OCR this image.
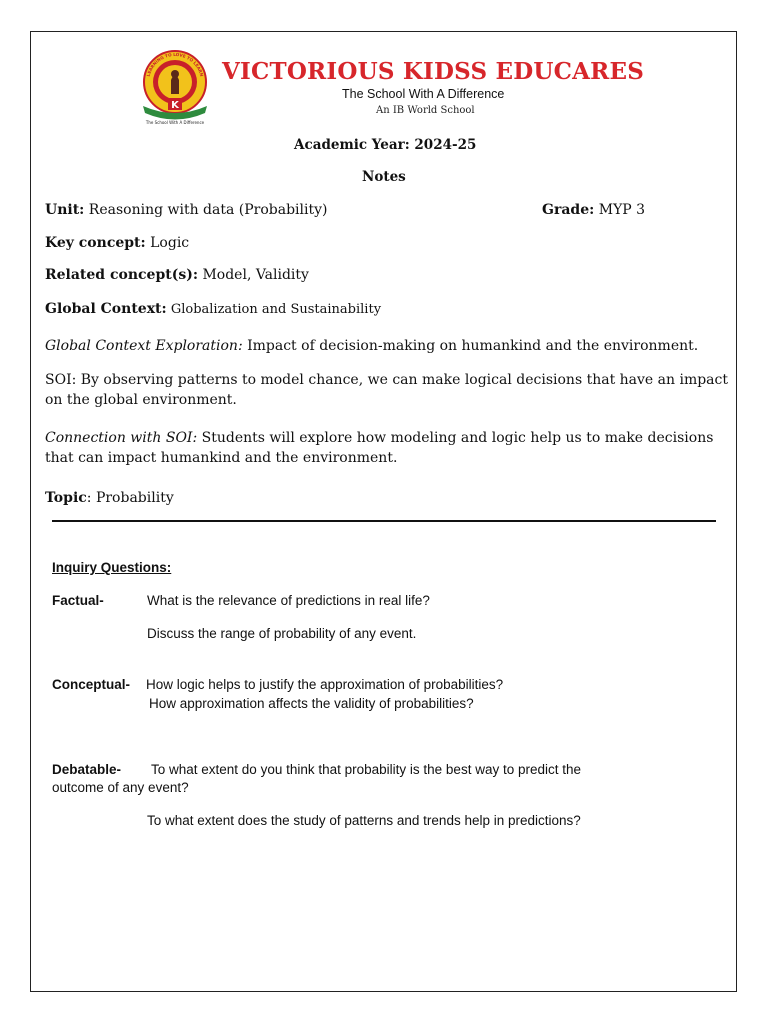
K
LEARNING TO LOVE TO LEARN
The School With A Difference
VICTORIOUS KIDSS EDUCARES
The School With A Difference
An IB World School
Academic Year: 2024-25
Notes
Unit: Reasoning with data (Probability)	Grade: MYP 3
Key concept: Logic
Related concept(s): Model, Validity
Global Context: Globalization and Sustainability
Global Context Exploration: Impact of decision-making on humankind and the environment.
SOI: By observing patterns to model chance, we can make logical decisions that have an impact on the global environment.
Connection with SOI: Students will explore how modeling and logic help us to make decisions that can impact humankind and the environment.
Topic: Probability
Inquiry Questions:
Factual-	What is the relevance of predictions in real life?
Discuss the range of probability of any event.
Conceptual- How logic helps to justify the approximation of probabilities?
How approximation affects the validity of probabilities?
Debatable- To what extent do you think that probability is the best way to predict the
outcome of any event?
To what extent does the study of patterns and trends help in predictions?
